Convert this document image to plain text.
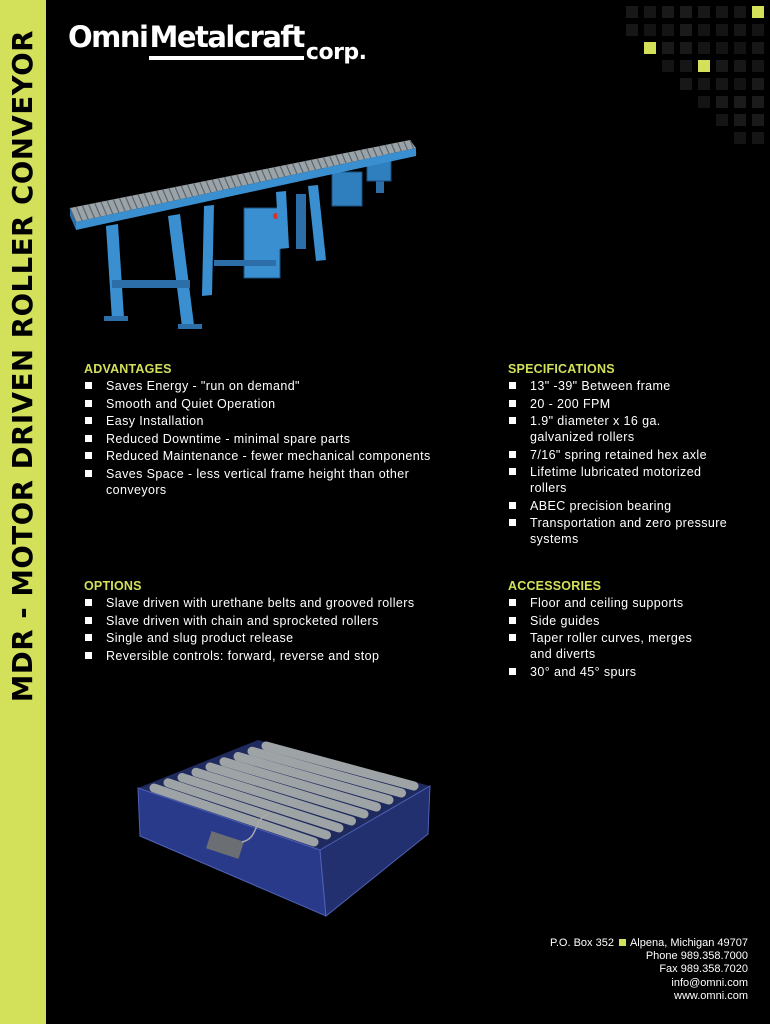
MDR - MOTOR DRIVEN ROLLER CONVEYOR OmniMetalcraftcorp.
ADVANTAGES
Saves Energy - "run on demand"
Smooth and Quiet Operation
Easy Installation
Reduced Downtime - minimal spare parts
Reduced Maintenance - fewer mechanical components
Saves Space - less vertical frame height than other conveyors
SPECIFICATIONS
13" -39" Between frame
20 - 200 FPM
1.9" diameter x 16 ga. galvanized rollers
7/16" spring retained hex axle
Lifetime lubricated motorized rollers
ABEC precision bearing
Transportation and zero pressure systems
OPTIONS
Slave driven with urethane belts and grooved rollers
Slave driven with chain and sprocketed rollers
Single and slug product release
Reversible controls: forward, reverse and stop
ACCESSORIES
Floor and ceiling supports
Side guides
Taper roller curves, merges and diverts
30° and 45° spurs
P.O. Box 352 Alpena, Michigan 49707
Phone 989.358.7000
Fax 989.358.7020
info@omni.com
www.omni.com
